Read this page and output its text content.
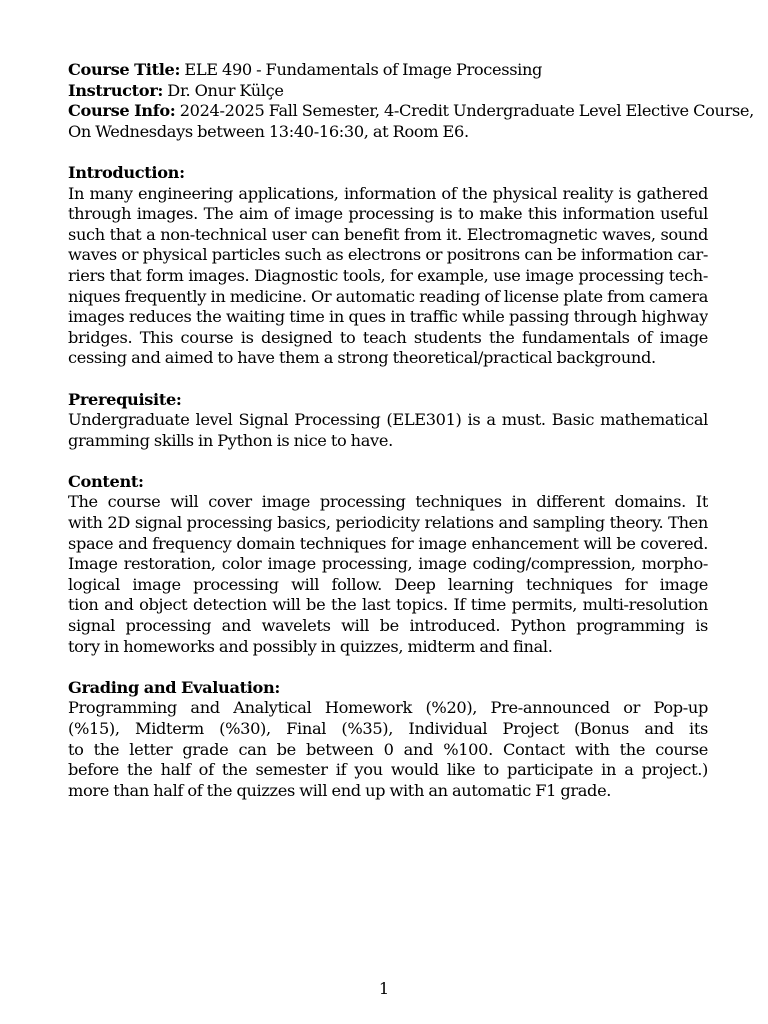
Course Title: ELE 490 - Fundamentals of Image Processing
Instructor: Dr. Onur Külçe
Course Info: 2024-2025 Fall Semester, 4-Credit Undergraduate Level Elective Course,
On Wednesdays between 13:40-16:30, at Room E6.
Introduction:
In many engineering applications, information of the physical reality is gathered
through images. The aim of image processing is to make this information useful
such that a non-technical user can benefit from it. Electromagnetic waves, sound
waves or physical particles such as electrons or positrons can be information car-
riers that form images. Diagnostic tools, for example, use image processing tech-
niques frequently in medicine. Or automatic reading of license plate from camera
images reduces the waiting time in ques in traffic while passing through highway
bridges. This course is designed to teach students the fundamentals of image
cessing and aimed to have them a strong theoretical/practical background.
Prerequisite:
Undergraduate level Signal Processing (ELE301) is a must. Basic mathematical
gramming skills in Python is nice to have.
Content:
The course will cover image processing techniques in different domains. It
with 2D signal processing basics, periodicity relations and sampling theory. Then
space and frequency domain techniques for image enhancement will be covered.
Image restoration, color image processing, image coding/compression, morpho-
logical image processing will follow. Deep learning techniques for image
tion and object detection will be the last topics. If time permits, multi-resolution
signal processing and wavelets will be introduced. Python programming is
tory in homeworks and possibly in quizzes, midterm and final.
Grading and Evaluation:
Programming and Analytical Homework (%20), Pre-announced or Pop-up
(%15), Midterm (%30), Final (%35), Individual Project (Bonus and its
to the letter grade can be between 0 and %100. Contact with the course
before the half of the semester if you would like to participate in a project.)
more than half of the quizzes will end up with an automatic F1 grade.
1
